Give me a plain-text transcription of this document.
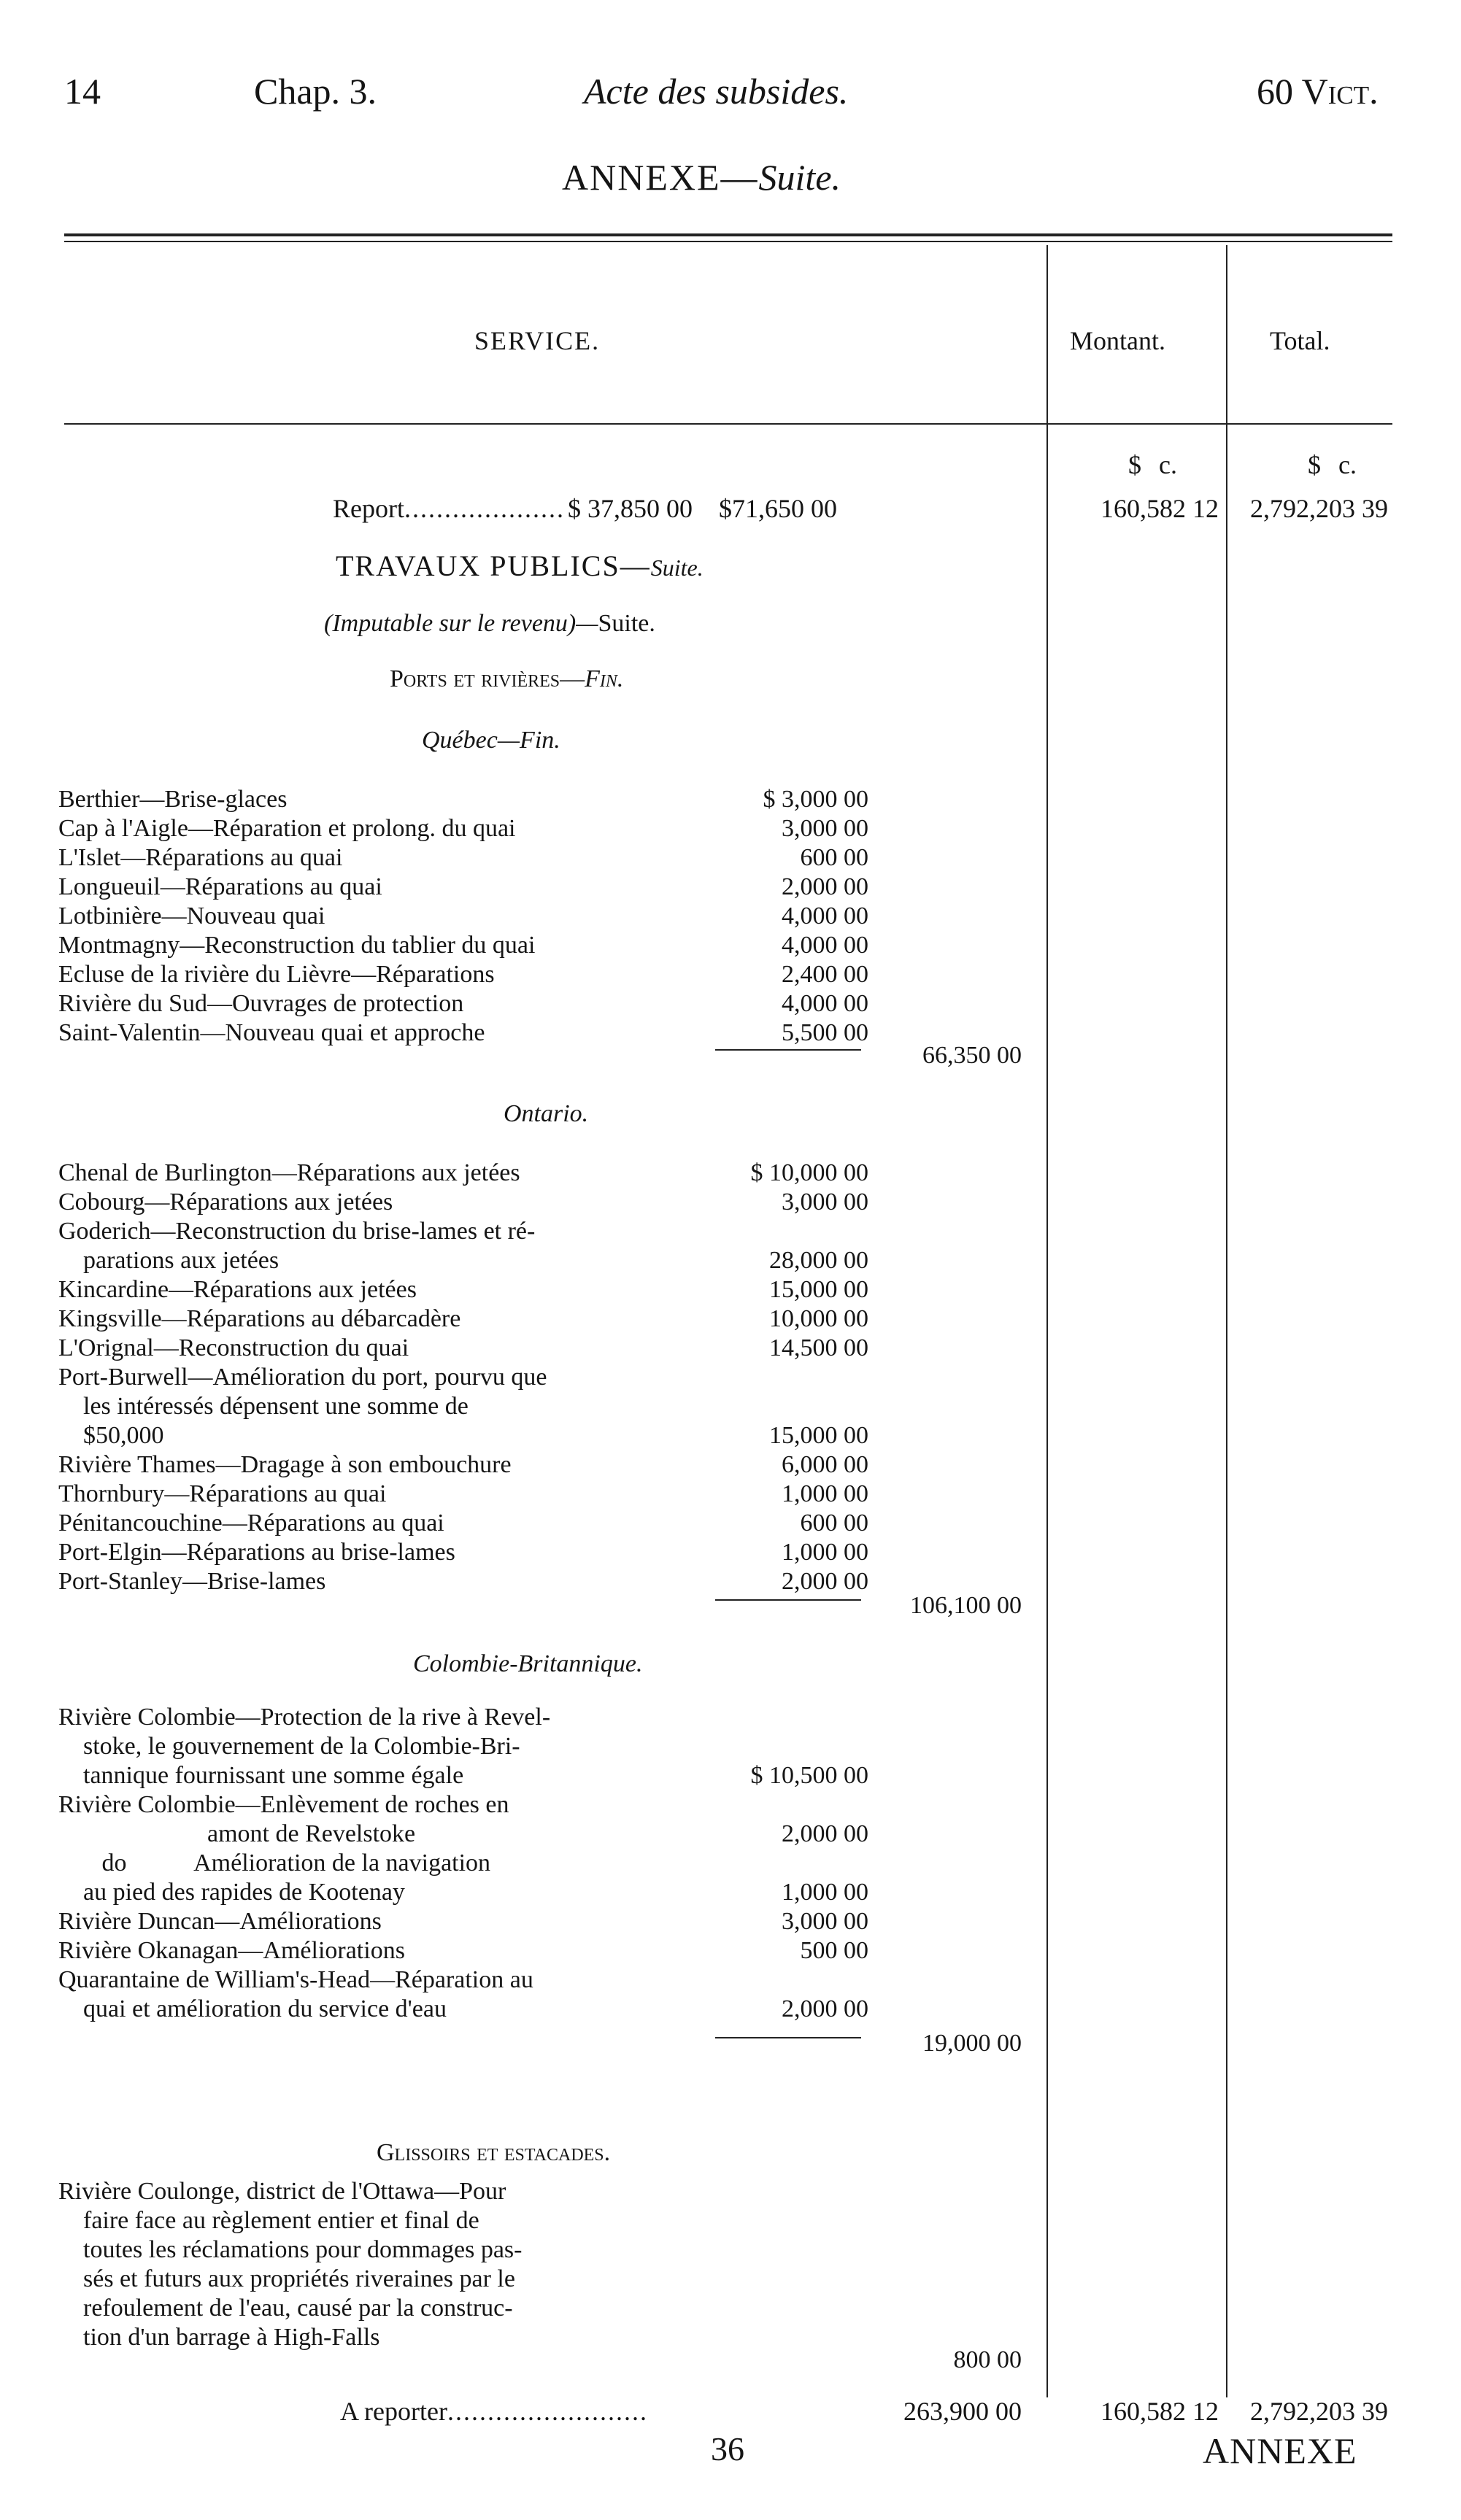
14	Chap. 3.	Acte des subsides.	60 Vict.
ANNEXE—Suite.
SERVICE.	Montant.	Total.
$ c.	$ c.
Report.................... $ 37,850 00 $71,650 00	160,582 12	2,792,203 39
TRAVAUX PUBLICS—Suite.
(Imputable sur le revenu)—Suite.
Ports et rivières—Fin.
Québec—Fin.
Berthier—Brise-glaces	$ 3,000 00
Cap à l'Aigle—Réparation et prolong. du quai	3,000 00
L'Islet—Réparations au quai	600 00
Longueuil—Réparations au quai	2,000 00
Lotbinière—Nouveau quai	4,000 00
Montmagny—Reconstruction du tablier du quai	4,000 00
Ecluse de la rivière du Lièvre—Réparations	2,400 00
Rivière du Sud—Ouvrages de protection	4,000 00
Saint-Valentin—Nouveau quai et approche	5,500 00
66,350 00
Ontario.
Chenal de Burlington—Réparations aux jetées	$ 10,000 00
Cobourg—Réparations aux jetées	3,000 00
Goderich—Reconstruction du brise-lames et ré-
parations aux jetées	28,000 00
Kincardine—Réparations aux jetées	15,000 00
Kingsville—Réparations au débarcadère	10,000 00
L'Orignal—Reconstruction du quai	14,500 00
Port-Burwell—Amélioration du port, pourvu que
les intéressés dépensent une somme de
$50,000	15,000 00
Rivière Thames—Dragage à son embouchure	6,000 00
Thornbury—Réparations au quai	1,000 00
Pénitancouchine—Réparations au quai	600 00
Port-Elgin—Réparations au brise-lames	1,000 00
Port-Stanley—Brise-lames	2,000 00
106,100 00
Colombie-Britannique.
Rivière Colombie—Protection de la rive à Revel-
stoke, le gouvernement de la Colombie-Bri-
tannique fournissant une somme égale	$ 10,500 00
Rivière Colombie—Enlèvement de roches en
amont de Revelstoke	2,000 00
do           Amélioration de la navigation
au pied des rapides de Kootenay	1,000 00
Rivière Duncan—Améliorations	3,000 00
Rivière Okanagan—Améliorations	500 00
Quarantaine de William's-Head—Réparation au
quai et amélioration du service d'eau	2,000 00
19,000 00
Glissoirs et estacades.
Rivière Coulonge, district de l'Ottawa—Pour
faire face au règlement entier et final de
toutes les réclamations pour dommages pas-
sés et futurs aux propriétés riveraines par le
refoulement de l'eau, causé par la construc-
tion d'un barrage à High-Falls
800 00
A reporter.........................	263,900 00	160,582 12	2,792,203 39
36	ANNEXE
